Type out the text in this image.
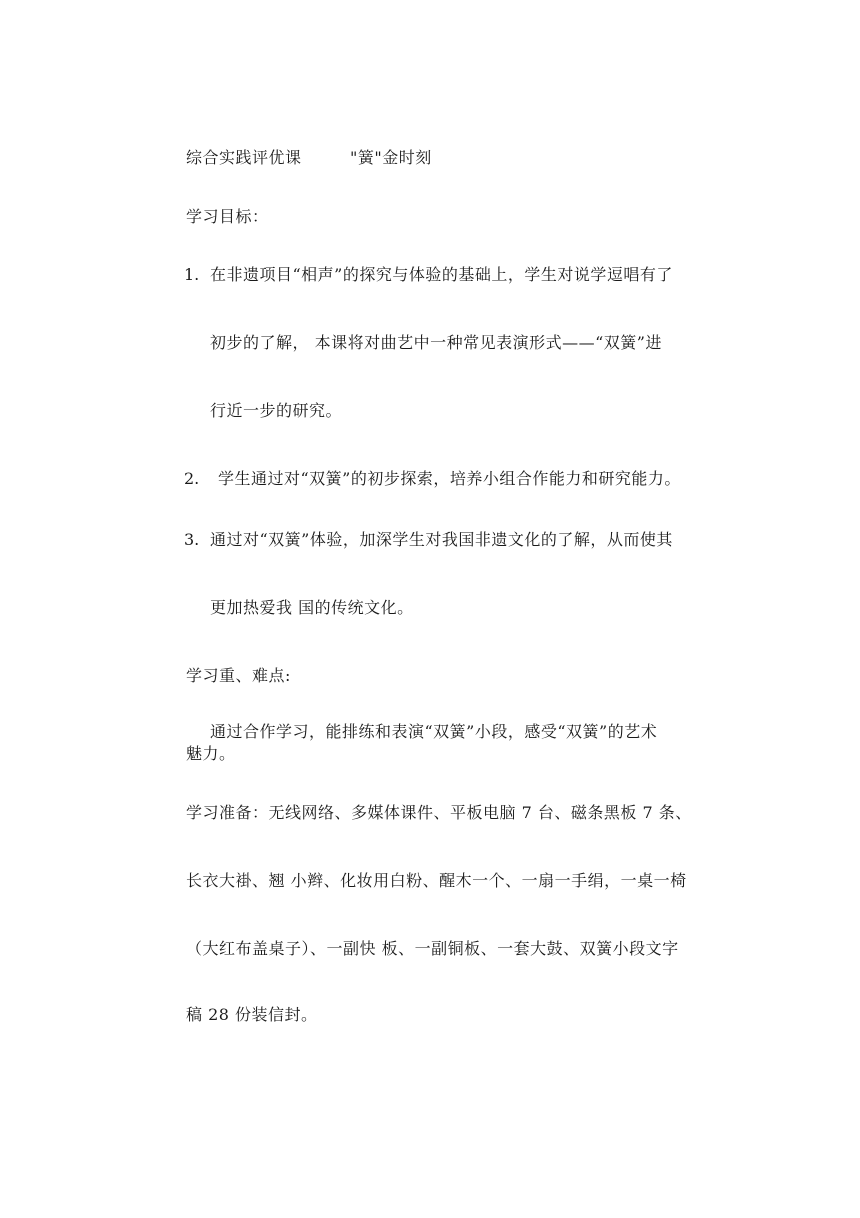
综合实践评优课	"簧"金时刻
学习目标：
1. 在非遗项目“相声”的探究与体验的基础上，学生对说学逗唱有了
初步的了解， 本课将对曲艺中一种常见表演形式——“双簧”进
行近一步的研究。
2. 学生通过对“双簧”的初步探索，培养小组合作能力和研究能力。
3. 通过对“双簧”体验，加深学生对我国非遗文化的了解，从而使其
更加热爱我 国的传统文化。
学习重、难点:
通过合作学习，能排练和表演“双簧”小段，感受“双簧”的艺术
魅力。
学习准备：无线网络、多媒体课件、平板电脑 7 台、磁条黑板 7 条、
长衣大褂、翘 小辫、化妆用白粉、醒木一个、一扇一手绢，一桌一椅
（大红布盖桌子）、一副快 板、一副铜板、一套大鼓、双簧小段文字
稿 28 份装信封。
